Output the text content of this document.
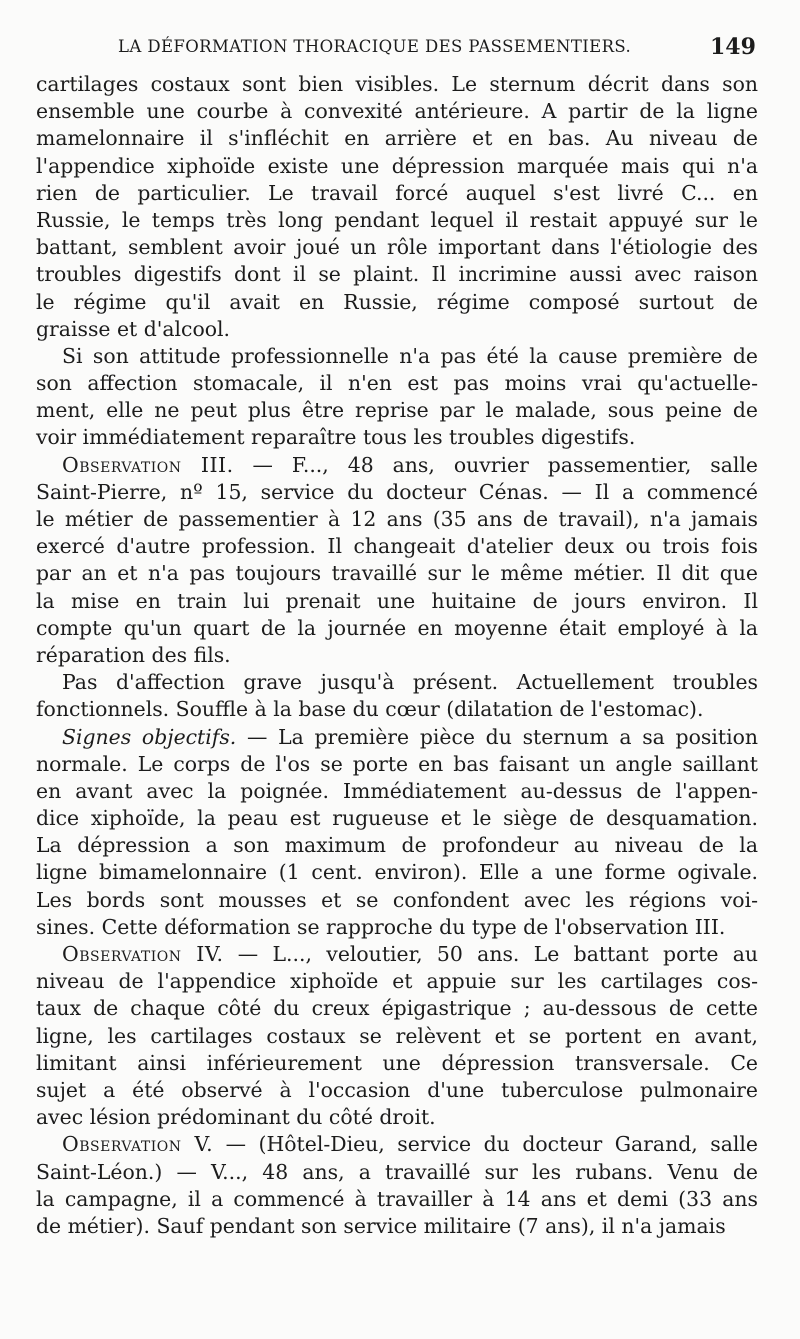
LA DÉFORMATION THORACIQUE DES PASSEMENTIERS.	149
cartilages costaux sont bien visibles. Le sternum décrit dans son
ensemble une courbe à convexité antérieure. A partir de la ligne
mamelonnaire il s'infléchit en arrière et en bas. Au niveau de
l'appendice xiphoïde existe une dépression marquée mais qui n'a
rien de particulier. Le travail forcé auquel s'est livré C... en
Russie, le temps très long pendant lequel il restait appuyé sur le
battant, semblent avoir joué un rôle important dans l'étiologie des
troubles digestifs dont il se plaint. Il incrimine aussi avec raison
le régime qu'il avait en Russie, régime composé surtout de
graisse et d'alcool.
Si son attitude professionnelle n'a pas été la cause première de
son affection stomacale, il n'en est pas moins vrai qu'actuelle-
ment, elle ne peut plus être reprise par le malade, sous peine de
voir immédiatement reparaître tous les troubles digestifs.
Observation III. — F..., 48 ans, ouvrier passementier, salle
Saint-Pierre, nº 15, service du docteur Cénas. — Il a commencé
le métier de passementier à 12 ans (35 ans de travail), n'a jamais
exercé d'autre profession. Il changeait d'atelier deux ou trois fois
par an et n'a pas toujours travaillé sur le même métier. Il dit que
la mise en train lui prenait une huitaine de jours environ. Il
compte qu'un quart de la journée en moyenne était employé à la
réparation des fils.
Pas d'affection grave jusqu'à présent. Actuellement troubles
fonctionnels. Souffle à la base du cœur (dilatation de l'estomac).
Signes objectifs. — La première pièce du sternum a sa position
normale. Le corps de l'os se porte en bas faisant un angle saillant
en avant avec la poignée. Immédiatement au-dessus de l'appen-
dice xiphoïde, la peau est rugueuse et le siège de desquamation.
La dépression a son maximum de profondeur au niveau de la
ligne bimamelonnaire (1 cent. environ). Elle a une forme ogivale.
Les bords sont mousses et se confondent avec les régions voi-
sines. Cette déformation se rapproche du type de l'observation III.
Observation IV. — L..., veloutier, 50 ans. Le battant porte au
niveau de l'appendice xiphoïde et appuie sur les cartilages cos-
taux de chaque côté du creux épigastrique ; au-dessous de cette
ligne, les cartilages costaux se relèvent et se portent en avant,
limitant ainsi inférieurement une dépression transversale. Ce
sujet a été observé à l'occasion d'une tuberculose pulmonaire
avec lésion prédominant du côté droit.
Observation V. — (Hôtel-Dieu, service du docteur Garand, salle
Saint-Léon.) — V..., 48 ans, a travaillé sur les rubans. Venu de
la campagne, il a commencé à travailler à 14 ans et demi (33 ans
de métier). Sauf pendant son service militaire (7 ans), il n'a jamais
